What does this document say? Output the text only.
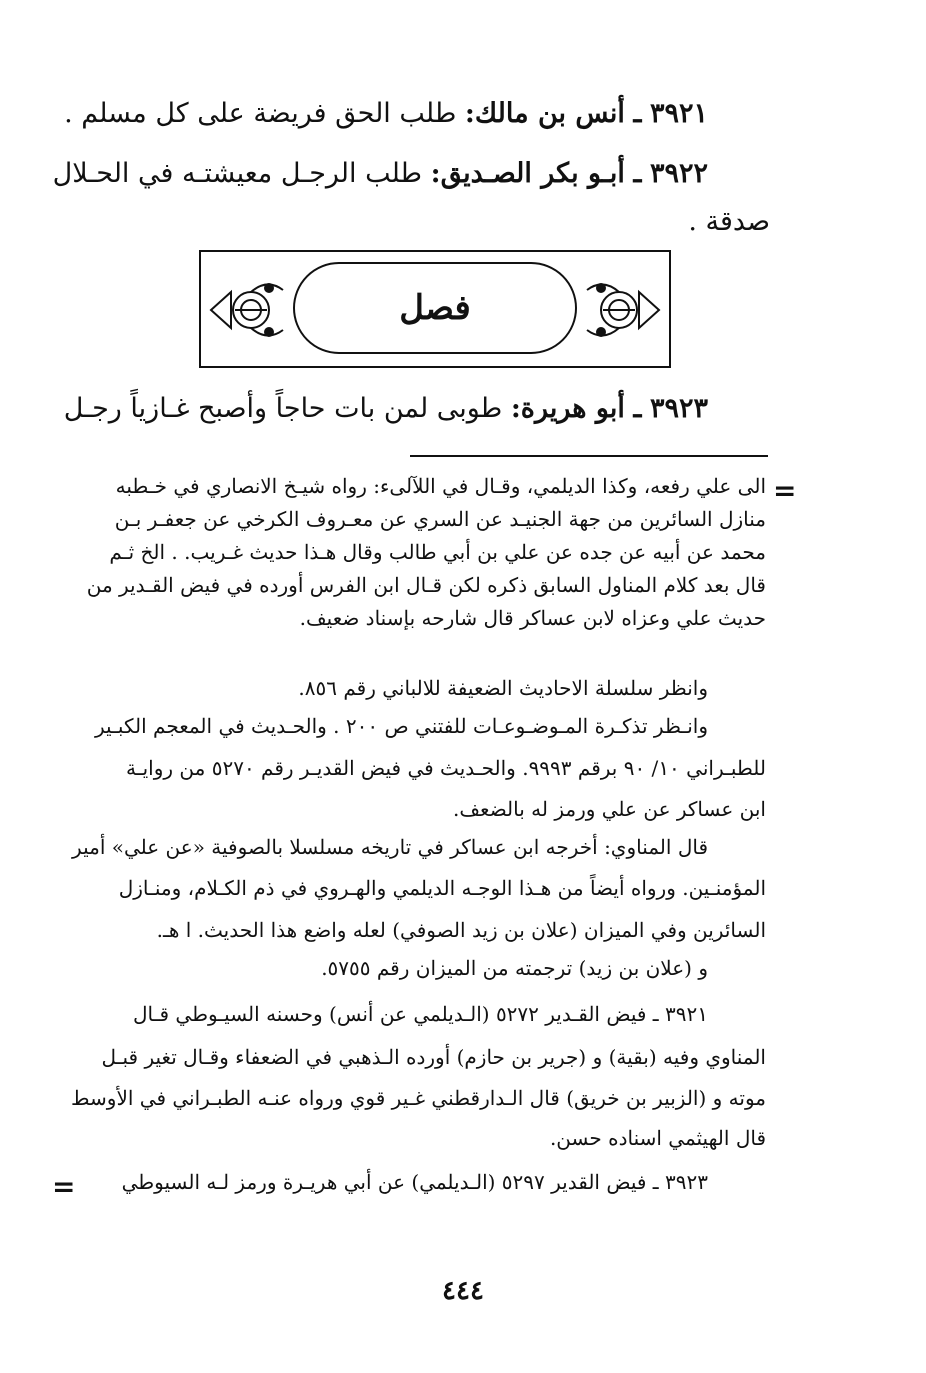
٣٩٢١ ـ أنس بن مالك: طلب الحق فريضة على كل مسلم .
٣٩٢٢ ـ أبـو بكر الصـديق: طلب الرجـل معيشتـه في الحـلال
صدقة .
فصل
٣٩٢٣ ـ أبو هريرة: طوبى لمن بات حاجاً وأصبح غـازياً رجـل
=
الى علي رفعه، وكذا الديلمي، وقـال في اللآلىء: رواه شيـخ الانصاري في خـطبه
منازل السائرين من جهة الجنيـد عن السري عن معـروف الكرخي عن جعفـر بـن
محمد عن أبيه عن جده عن علي بن أبي طالب وقال هـذا حديث غـريب. . الخ ثـم
قال بعد كلام المناول السابق ذكره لكن قـال ابن الفرس أورده في فيض القـدير من
حديث علي وعزاه لابن عساكر قال شارحه بإسناد ضعيف.
وانظر سلسلة الاحاديث الضعيفة للالباني رقم ٨٥٦.
وانـظر تذكـرة المـوضـوعـات للفتني ص ٢٠٠ . والحـديث في المعجم الكبـير
للطبـراني ١٠/ ٩٠ برقم ٩٩٩٣. والحـديث في فيض القديـر رقم ٥٢٧٠ من روايـة
ابن عساكر عن علي ورمز له بالضعف.
قال المناوي: أخرجه ابن عساكر في تاريخه مسلسلا بالصوفية «عن علي» أمير
المؤمنـين. ورواه أيضاً من هـذا الوجـه الديلمي والهـروي في ذم الكـلام، ومنـازل
السائرين وفي الميزان (علان بن زيد الصوفي) لعله واضع هذا الحديث. ا هـ.
و (علان بن زيد) ترجمته من الميزان رقم ٥٧٥٥.
٣٩٢١ ـ فيض القـدير ٥٢٧٢ (الـديلمي عن أنس) وحسنه السيـوطي قـال
المناوي وفيه (بقية) و (جرير بن حازم) أورده الـذهبي في الضعفاء وقـال تغير قبـل
موته و (الزبير بن خريق) قال الـدارقطني غـير قوي ورواه عنـه الطبـراني في الأوسط
قال الهيثمي اسناده حسن.
٣٩٢٣ ـ فيض القدير ٥٢٩٧ (الـديلمي) عن أبي هريـرة ورمز لـه السيوطي
=
٤٤٤
